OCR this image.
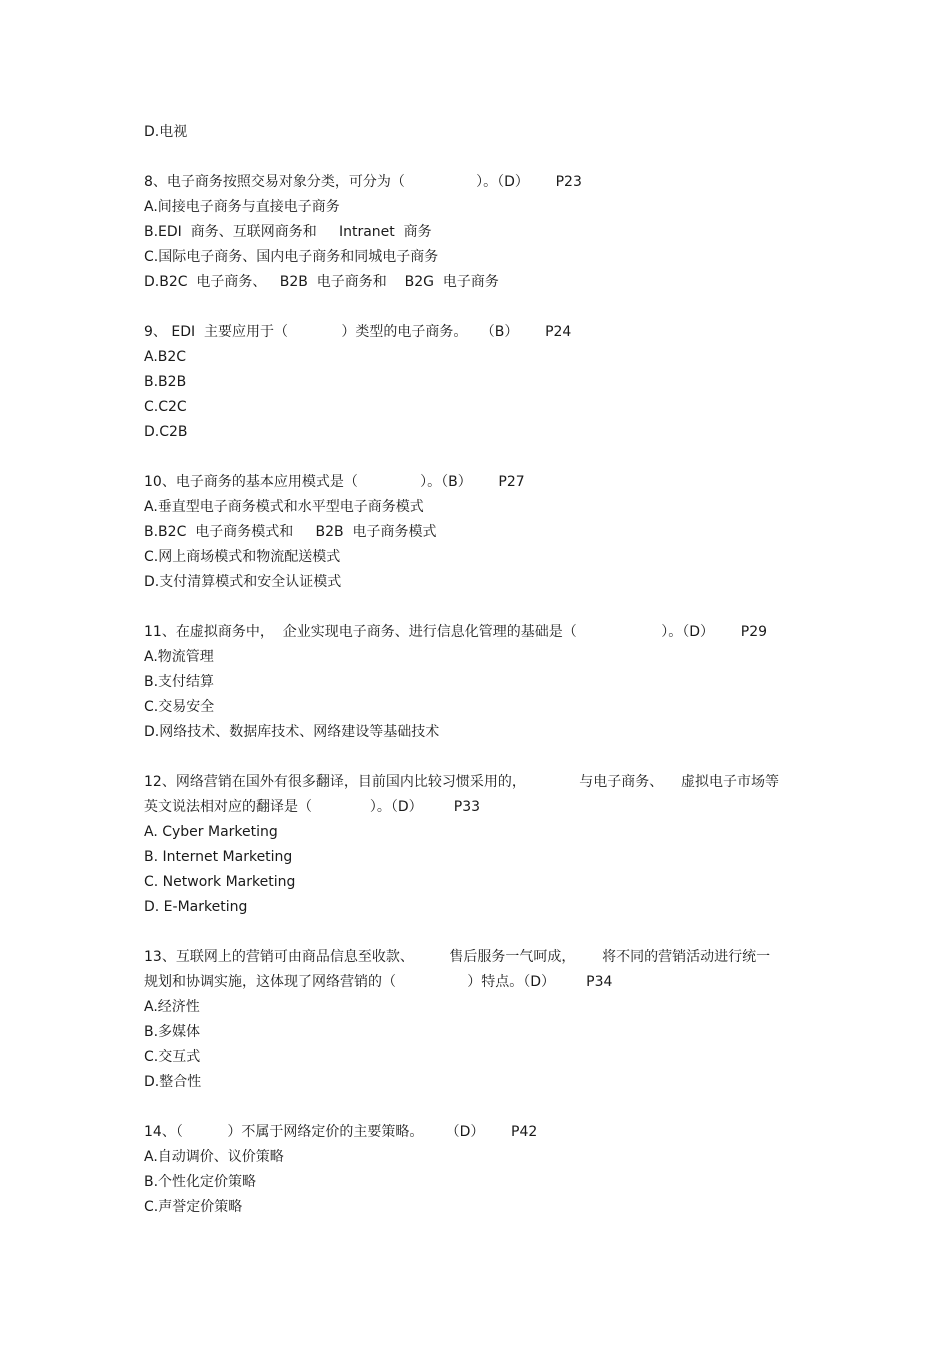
D.电视
8、电子商务按照交易对象分类，可分为（                ）。（D）      P23
A.间接电子商务与直接电子商务
B.EDI  商务、互联网商务和     Intranet  商务
C.国际电子商务、国内电子商务和同城电子商务
D.B2C  电子商务、   B2B  电子商务和    B2G  电子商务
9、 EDI  主要应用于（            ）类型的电子商务。   （B）      P24
A.B2C
B.B2B
C.C2C
D.C2B
10、电子商务的基本应用模式是（              ）。（B）      P27
A.垂直型电子商务模式和水平型电子商务模式
B.B2C  电子商务模式和     B2B  电子商务模式
C.网上商场模式和物流配送模式
D.支付清算模式和安全认证模式
11、在虚拟商务中，  企业实现电子商务、进行信息化管理的基础是（                   ）。（D）      P29
A.物流管理
B.支付结算
C.交易安全
D.网络技术、数据库技术、网络建设等基础技术
12、网络营销在国外有很多翻译，目前国内比较习惯采用的，            与电子商务、    虚拟电子市场等
英文说法相对应的翻译是（             ）。（D）       P33
A. Cyber Marketing
B. Internet Marketing
C. Network Marketing
D. E-Marketing
13、互联网上的营销可由商品信息至收款、        售后服务一气呵成，      将不同的营销活动进行统一
规划和协调实施，这体现了网络营销的（                ）特点。（D）       P34
A.经济性
B.多媒体
C.交互式
D.整合性
14、（          ）不属于网络定价的主要策略。     （D）      P42
A.自动调价、议价策略
B.个性化定价策略
C.声誉定价策略
